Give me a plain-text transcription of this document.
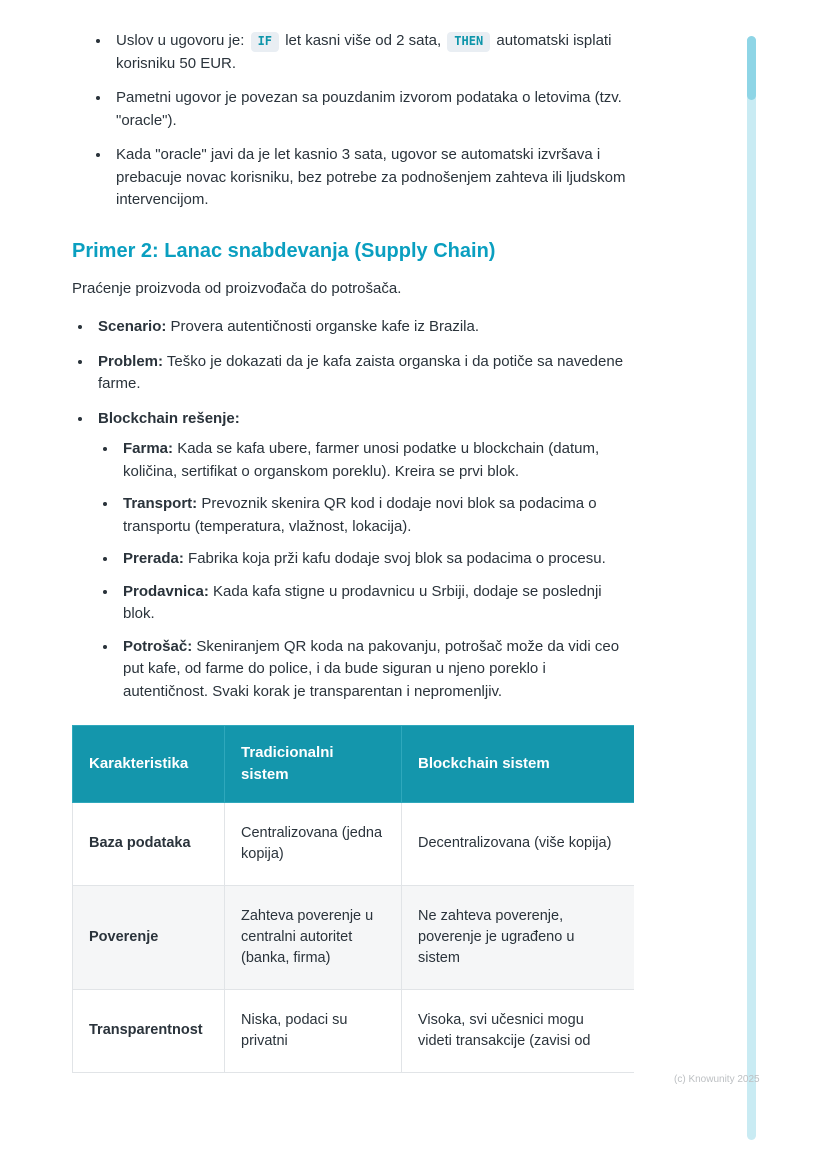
• Uslov u ugovoru je: IF let kasni više od 2 sata, THEN automatski isplati korisniku 50 EUR.
• Pametni ugovor je povezan sa pouzdanim izvorom podataka o letovima (tzv. "oracle").
• Kada "oracle" javi da je let kasnio 3 sata, ugovor se automatski izvršava i prebacuje novac korisniku, bez potrebe za podnošenjem zahteva ili ljudskom intervencijom.
Primer 2: Lanac snabdevanja (Supply Chain)

Praćenje proizvoda od proizvođača do potrošača.

• Scenario: Provera autentičnosti organske kafe iz Brazila.
• Problem: Teško je dokazati da je kafa zaista organska i da potiče sa navedene farme.
• Blockchain rešenje:
• Farma: Kada se kafa ubere, farmer unosi podatke u blockchain (datum, količina, sertifikat o organskom poreklu). Kreira se prvi blok.
• Transport: Prevoznik skenira QR kod i dodaje novi blok sa podacima o transportu (temperatura, vlažnost, lokacija).
• Prerada: Fabrika koja prži kafu dodaje svoj blok sa podacima o procesu.
• Prodavnica: Kada kafa stigne u prodavnicu u Srbiji, dodaje se poslednji blok.
• Potrošač: Skeniranjem QR koda na pakovanju, potrošač može da vidi ceo put kafe, od farme do police, i da bude siguran u njeno poreklo i autentičnost. Svaki korak je transparentan i nepromenljiv.
Karakteristika	Tradicionalni sistem	Blockchain sistem
Baza podataka	Centralizovana (jedna kopija)	Decentralizovana (više kopija)
Poverenje	Zahteva poverenje u centralni autoritet (banka, firma)	Ne zahteva poverenje, poverenje je ugrađeno u sistem
Transparentnost	Niska, podaci su privatni	Visoka, svi učesnici mogu videti transakcije (zavisi od
(c) Knowunity 2025
